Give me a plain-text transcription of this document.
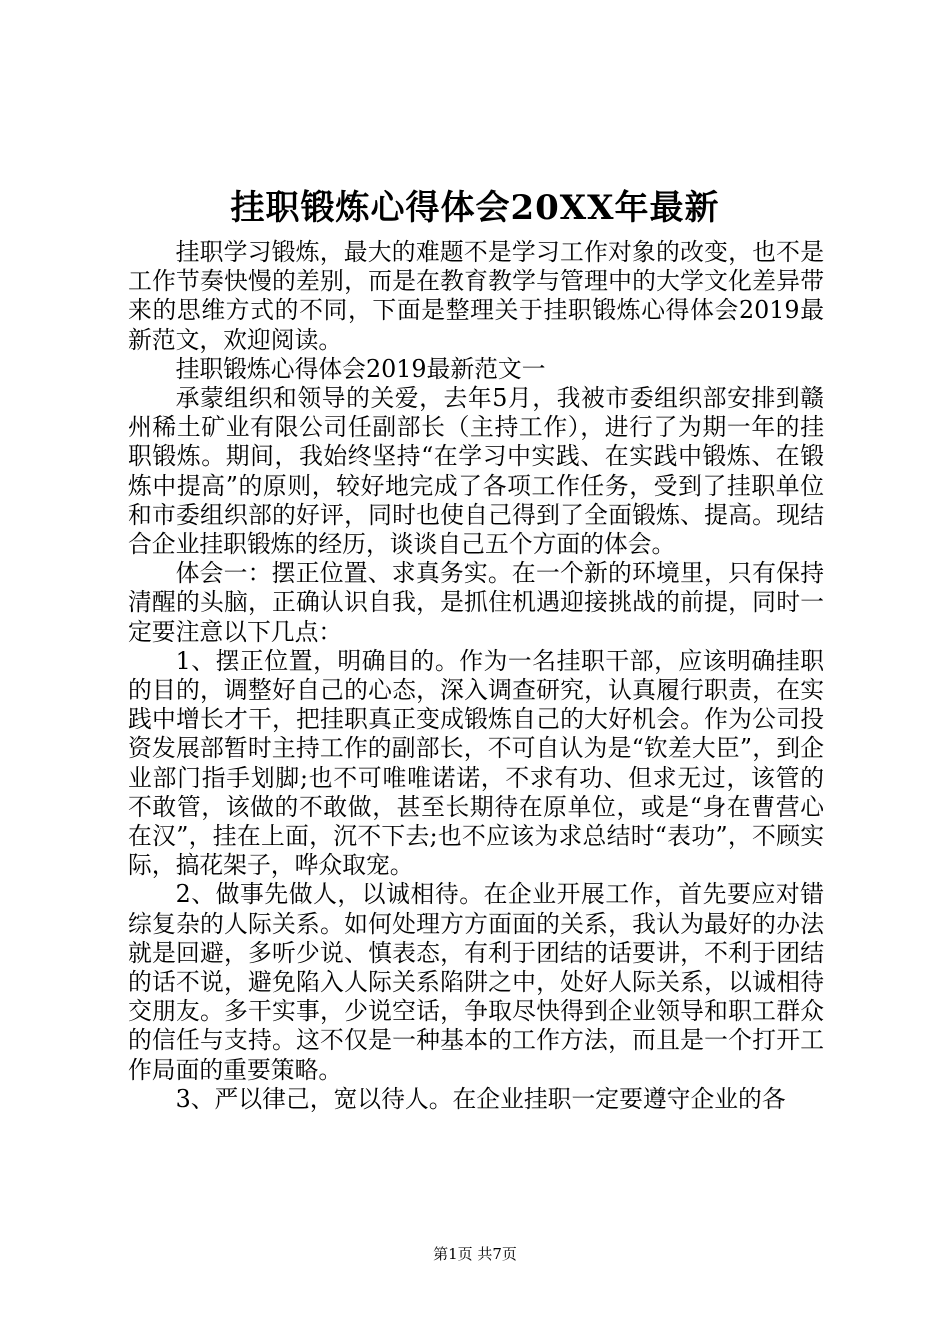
挂职锻炼心得体会20XX年最新

挂职学习锻炼，最大的难题不是学习工作对象的改变，也不是工作节奏快慢的差别，而是在教育教学与管理中的大学文化差异带来的思维方式的不同，下面是整理关于挂职锻炼心得体会2019最新范文，欢迎阅读。

挂职锻炼心得体会2019最新范文一

承蒙组织和领导的关爱，去年5月，我被市委组织部安排到赣州稀土矿业有限公司任副部长（主持工作），进行了为期一年的挂职锻炼。期间，我始终坚持“在学习中实践、在实践中锻炼、在锻炼中提高”的原则，较好地完成了各项工作任务，受到了挂职单位和市委组织部的好评，同时也使自己得到了全面锻炼、提高。现结合企业挂职锻炼的经历，谈谈自己五个方面的体会。

体会一：摆正位置、求真务实。在一个新的环境里，只有保持清醒的头脑，正确认识自我，是抓住机遇迎接挑战的前提，同时一定要注意以下几点：

1、摆正位置，明确目的。作为一名挂职干部，应该明确挂职的目的，调整好自己的心态，深入调查研究，认真履行职责，在实践中增长才干，把挂职真正变成锻炼自己的大好机会。作为公司投资发展部暂时主持工作的副部长，不可自认为是“钦差大臣”，到企业部门指手划脚;也不可唯唯诺诺，不求有功、但求无过，该管的不敢管，该做的不敢做，甚至长期待在原单位，或是“身在曹营心在汉”，挂在上面，沉不下去;也不应该为求总结时“表功”，不顾实际，搞花架子，哗众取宠。

2、做事先做人，以诚相待。在企业开展工作，首先要应对错综复杂的人际关系。如何处理方方面面的关系，我认为最好的办法就是回避，多听少说、慎表态，有利于团结的话要讲，不利于团结的话不说，避免陷入人际关系陷阱之中，处好人际关系，以诚相待交朋友。多干实事，少说空话，争取尽快得到企业领导和职工群众的信任与支持。这不仅是一种基本的工作方法，而且是一个打开工作局面的重要策略。

3、严以律己，宽以待人。在企业挂职一定要遵守企业的各

第1页 共7页
